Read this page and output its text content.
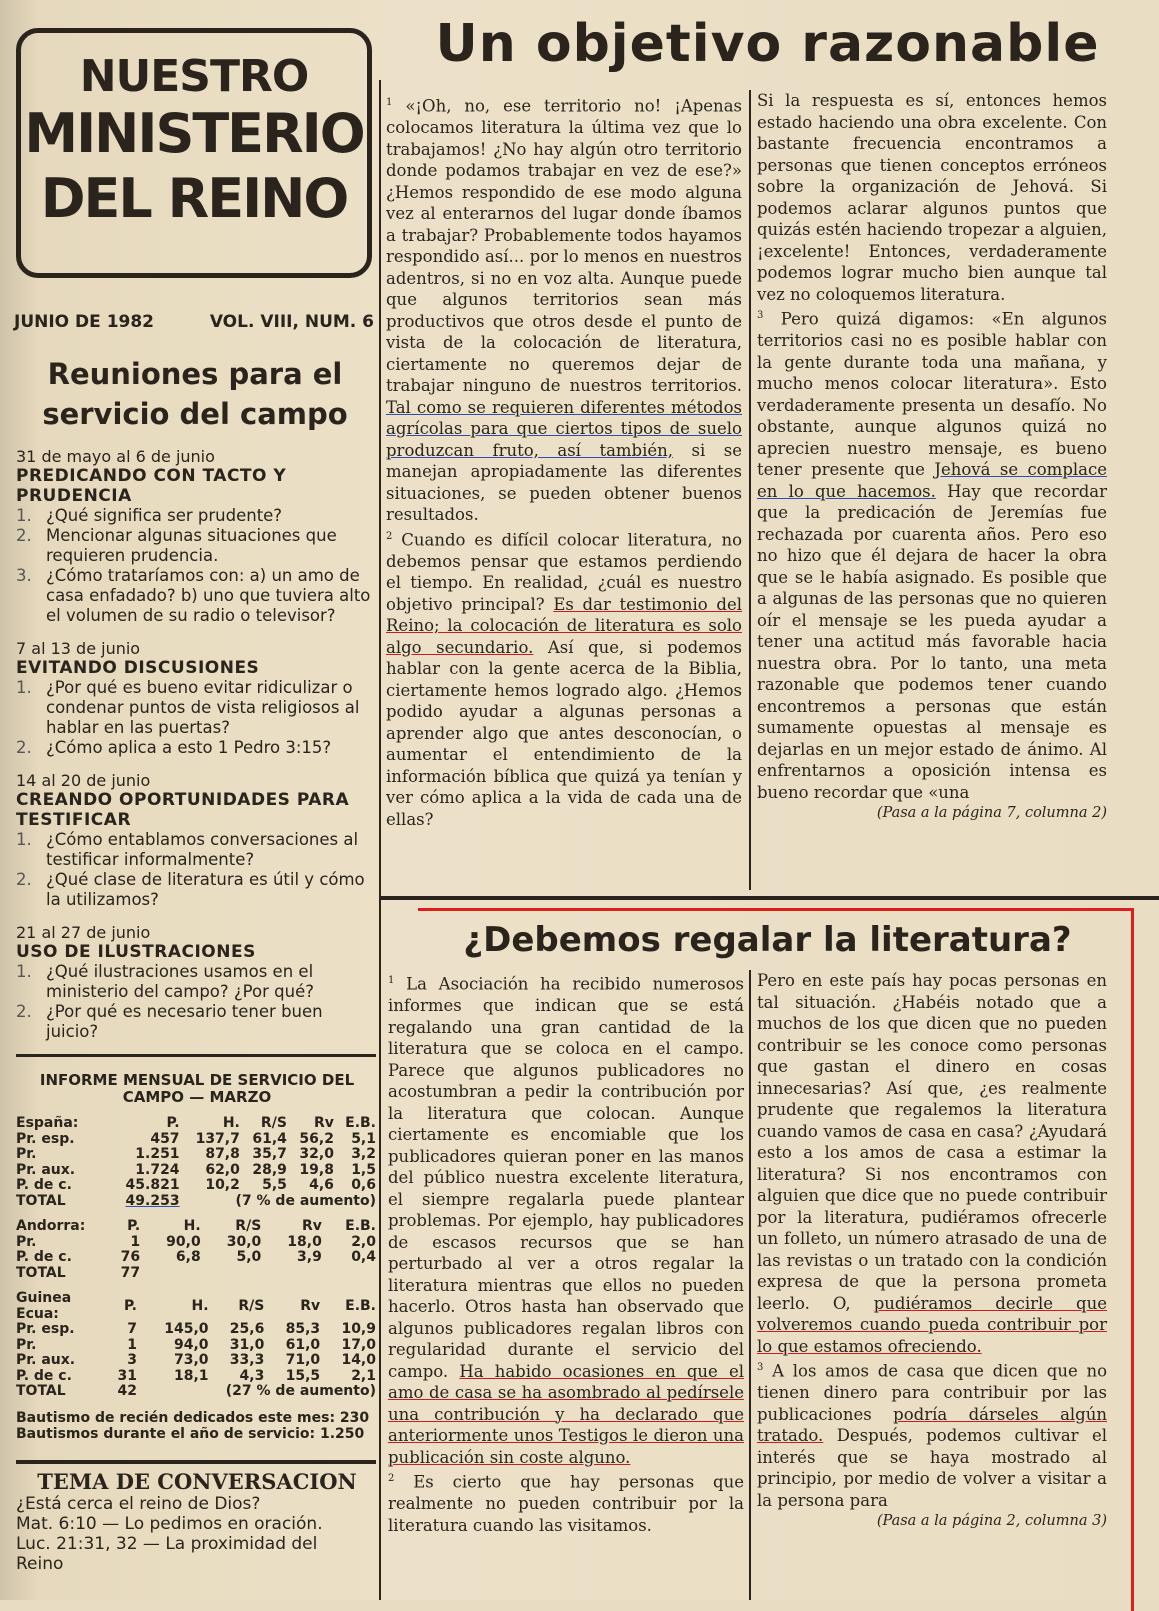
NUESTRO
MINISTERIO
DEL REINO
JUNIO DE 1982	VOL. VIII, NUM. 6
Reuniones para el servicio del campo
31 de mayo al 6 de junio
PREDICANDO CON TACTO Y PRUDENCIA
1. ¿Qué significa ser prudente?
2. Mencionar algunas situaciones que requieren prudencia.
3. ¿Cómo trataríamos con: a) un amo de casa enfadado? b) uno que tuviera alto el volumen de su radio o televisor?
7 al 13 de junio
EVITANDO DISCUSIONES
1. ¿Por qué es bueno evitar ridiculizar o condenar puntos de vista religiosos al hablar en las puertas?
2. ¿Cómo aplica a esto 1 Pedro 3:15?
14 al 20 de junio
CREANDO OPORTUNIDADES PARA TESTIFICAR
1. ¿Cómo entablamos conversaciones al testificar informalmente?
2. ¿Qué clase de literatura es útil y cómo la utilizamos?
21 al 27 de junio
USO DE ILUSTRACIONES
1. ¿Qué ilustraciones usamos en el ministerio del campo? ¿Por qué?
2. ¿Por qué es necesario tener buen juicio?
INFORME MENSUAL DE SERVICIO DEL CAMPO — MARZO
España:	P.	H.	R/S	Rv	E.B.
Pr. esp.	457	137,7	61,4	56,2	5,1
Pr.	1.251	87,8	35,7	32,0	3,2
Pr. aux.	1.724	62,0	28,9	19,8	1,5
P. de c.	45.821	10,2	5,5	4,6	0,6
TOTAL	49.253	(7 % de aumento)			
Andorra:	P.	H.	R/S	Rv	E.B.
Pr.	1	90,0	30,0	18,0	2,0
P. de c.	76	6,8	5,0	3,9	0,4
TOTAL	77				
Guinea Ecua:	P.	H.	R/S	Rv	E.B.
Pr. esp.	7	145,0	25,6	85,3	10,9
Pr.	1	94,0	31,0	61,0	17,0
Pr. aux.	3	73,0	33,3	71,0	14,0
P. de c.	31	18,1	4,3	15,5	2,1
TOTAL	42	(27 % de aumento)			
Bautismo de recién dedicados este mes: 230
Bautismos durante el año de servicio: 1.250
TEMA DE CONVERSACION
¿Está cerca el reino de Dios?
Mat. 6:10 — Lo pedimos en oración.
Luc. 21:31, 32 — La proximidad del
Reino
Un objetivo razonable

$^1$ «¡Oh, no, ese territorio no! ¡Apenas colocamos literatura la última vez que lo trabajamos! ¿No hay algún otro territorio donde podamos trabajar en vez de ese?» ¿Hemos respondido de ese modo alguna vez al enterarnos del lugar donde íbamos a trabajar? Probablemente todos hayamos respondido así... por lo menos en nuestros adentros, si no en voz alta. Aunque puede que algunos territorios sean más productivos que otros desde el punto de vista de la colocación de literatura, ciertamente no queremos dejar de trabajar ninguno de nuestros territorios. Tal como se requieren diferentes métodos agrícolas para que ciertos tipos de suelo produzcan fruto, así también, si se manejan apropiadamente las diferentes situaciones, se pueden obtener buenos resultados.

$^2$ Cuando es difícil colocar literatura, no debemos pensar que estamos perdiendo el tiempo. En realidad, ¿cuál es nuestro objetivo principal? Es dar testimonio del Reino; la colocación de literatura es solo algo secundario. Así que, si podemos hablar con la gente acerca de la Biblia, ciertamente hemos logrado algo. ¿Hemos podido ayudar a algunas personas a aprender algo que antes desconocían, o aumentar el entendimiento de la información bíblica que quizá ya tenían y ver cómo aplica a la vida de cada una de ellas?

Si la respuesta es sí, entonces hemos estado haciendo una obra excelente. Con bastante frecuencia encontramos a personas que tienen conceptos erróneos sobre la organización de Jehová. Si podemos aclarar algunos puntos que quizás estén haciendo tropezar a alguien, ¡excelente! Entonces, verdaderamente podemos lograr mucho bien aunque tal vez no coloquemos literatura.

$^3$ Pero quizá digamos: «En algunos territorios casi no es posible hablar con la gente durante toda una mañana, y mucho menos colocar literatura». Esto verdaderamente presenta un desafío. No obstante, aunque algunos quizá no aprecien nuestro mensaje, es bueno tener presente que Jehová se complace en lo que hacemos. Hay que recordar que la predicación de Jeremías fue rechazada por cuarenta años. Pero eso no hizo que él dejara de hacer la obra que se le había asignado. Es posible que a algunas de las personas que no quieren oír el mensaje se les pueda ayudar a tener una actitud más favorable hacia nuestra obra. Por lo tanto, una meta razonable que podemos tener cuando encontremos a personas que están sumamente opuestas al mensaje es dejarlas en un mejor estado de ánimo. Al enfrentarnos a oposición intensa es bueno recordar que «una

(Pasa a la página 7, columna 2)

¿Debemos regalar la literatura?

$^1$ La Asociación ha recibido numerosos informes que indican que se está regalando una gran cantidad de la literatura que se coloca en el campo. Parece que algunos publicadores no acostumbran a pedir la contribución por la literatura que colocan. Aunque ciertamente es encomiable que los publicadores quieran poner en las manos del público nuestra excelente literatura, el siempre regalarla puede plantear problemas. Por ejemplo, hay publicadores de escasos recursos que se han perturbado al ver a otros regalar la literatura mientras que ellos no pueden hacerlo. Otros hasta han observado que algunos publicadores regalan libros con regularidad durante el servicio del campo. Ha habido ocasiones en que el amo de casa se ha asombrado al pedírsele una contribución y ha declarado que anteriormente unos Testigos le dieron una publicación sin coste alguno.

$^2$ Es cierto que hay personas que realmente no pueden contribuir por la literatura cuando las visitamos.

Pero en este país hay pocas personas en tal situación. ¿Habéis notado que a muchos de los que dicen que no pueden contribuir se les conoce como personas que gastan el dinero en cosas innecesarias? Así que, ¿es realmente prudente que regalemos la literatura cuando vamos de casa en casa? ¿Ayudará esto a los amos de casa a estimar la literatura? Si nos encontramos con alguien que dice que no puede contribuir por la literatura, pudiéramos ofrecerle un folleto, un número atrasado de una de las revistas o un tratado con la condición expresa de que la persona prometa leerlo. O, pudiéramos decirle que volveremos cuando pueda contribuir por lo que estamos ofreciendo.

$^3$ A los amos de casa que dicen que no tienen dinero para contribuir por las publicaciones podría dárseles algún tratado. Después, podemos cultivar el interés que se haya mostrado al principio, por medio de volver a visitar a la persona para

(Pasa a la página 2, columna 3)
